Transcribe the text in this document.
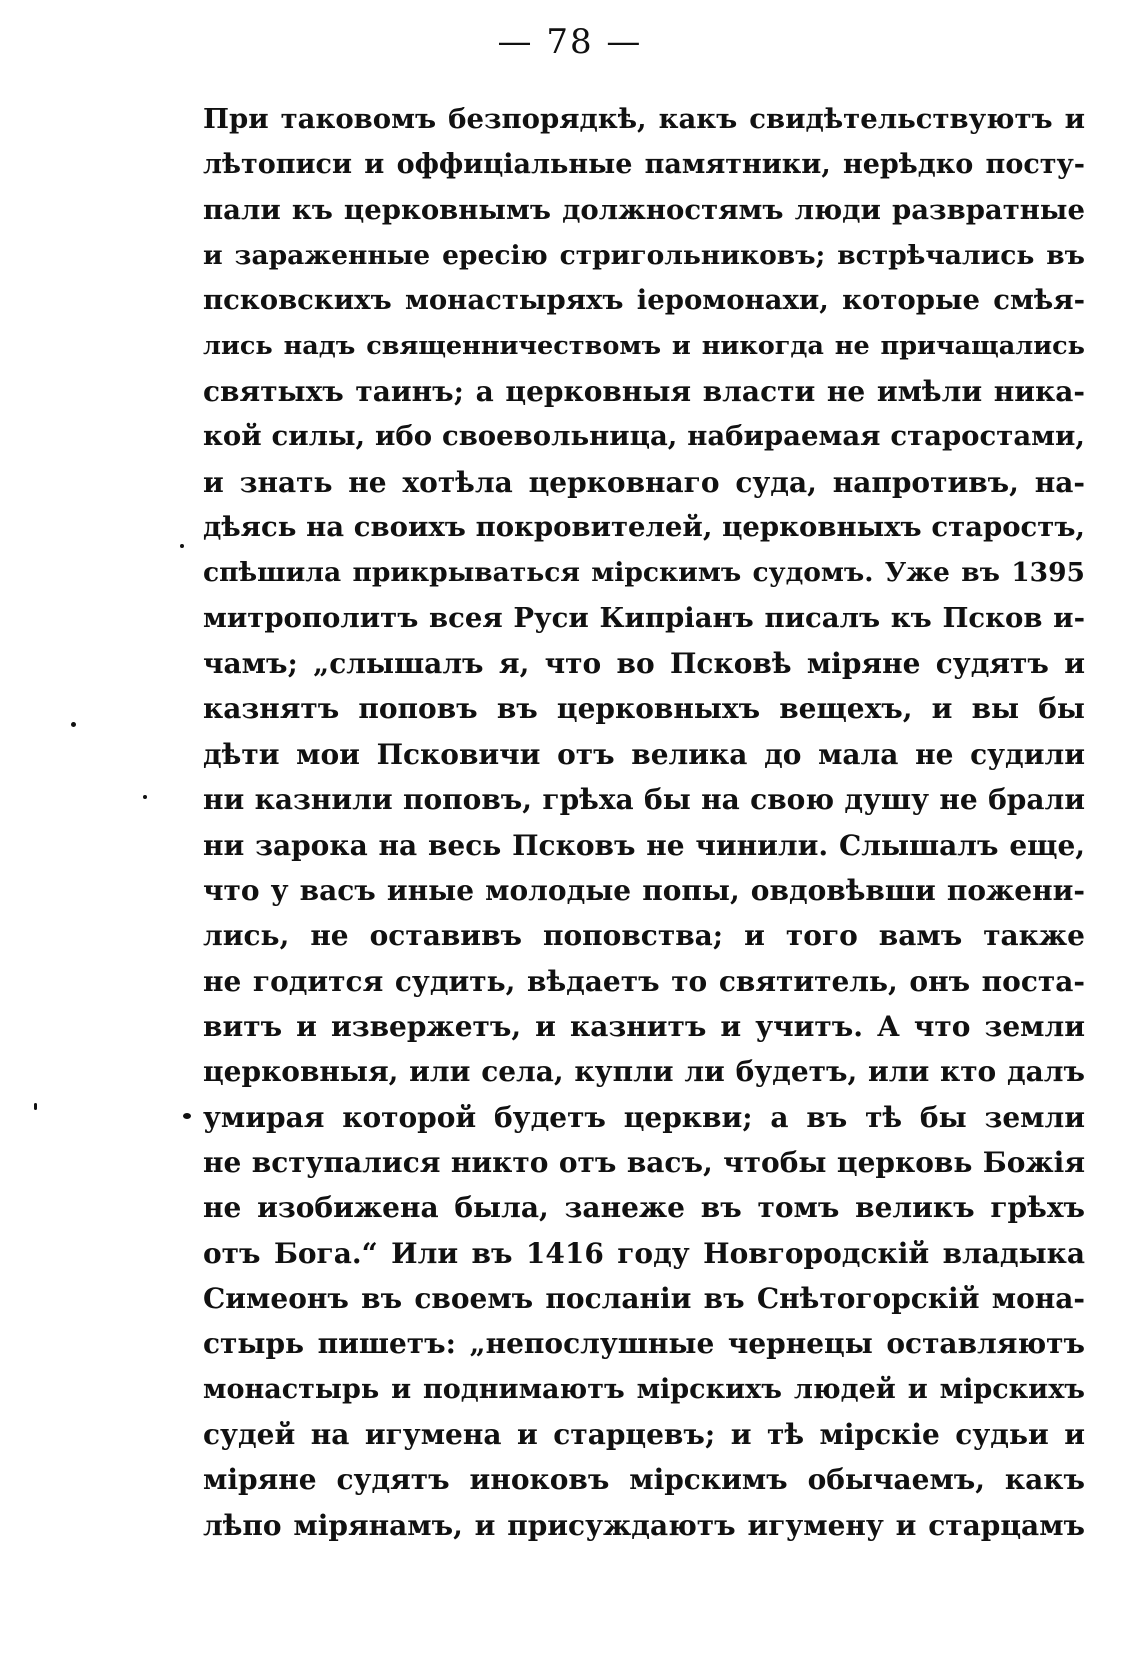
— 78 —
При таковомъ безпорядкѣ, какъ свидѣтельствуютъ и
лѣтописи и оффиціальные памятники, нерѣдко посту-
пали къ церковнымъ должностямъ люди развратные
и зараженные ересію стригольниковъ; встрѣчались въ
псковскихъ монастыряхъ іеромонахи, которые смѣя-
лись надъ священничествомъ и никогда не причащались
святыхъ таинъ; а церковныя власти не имѣли никa-
кой силы, ибо своевольница, набираемая старостами,
и знать не хотѣла церковнаго суда, напротивъ, на-
дѣясь на своихъ покровителей, церковныхъ старостъ,
спѣшила прикрываться мірскимъ судомъ. Уже въ 1395
митрополитъ всея Руси Кипріанъ писалъ къ Псков и-
чамъ; „слышалъ я, что во Псковѣ міряне судятъ и
казнятъ поповъ въ церковныхъ вещехъ, и вы бы
дѣти мои Псковичи отъ велика до мала не судили
ни казнили поповъ, грѣха бы на свою душу не брали
ни зарока на весь Псковъ не чинили. Слышалъ еще,
что у васъ иные молодые попы, овдовѣвши пожени-
лись, не оставивъ поповства; и того вамъ также
не годится судить, вѣдаетъ то святитель, онъ поста-
витъ и извержетъ, и казнитъ и учитъ. А что земли
церковныя, или села, купли ли будетъ, или кто далъ
умирая которой будетъ церкви; а въ тѣ бы земли
не вступалися никто отъ васъ, чтобы церковь Божія
не изобижена была, занеже въ томъ великъ грѣхъ
отъ Бога.“ Или въ 1416 году Новгородскій владыка
Симеонъ въ своемъ посланіи въ Снѣтогорскій мона-
стырь пишетъ: „непослушные чернецы оставляютъ
монастырь и поднимаютъ мірскихъ людей и мірскихъ
судей на игумена и старцевъ; и тѣ мірскіе судьи и
міряне судятъ иноковъ мірскимъ обычаемъ, какъ
лѣпо мірянамъ, и присуждаютъ игумену и старцамъ
